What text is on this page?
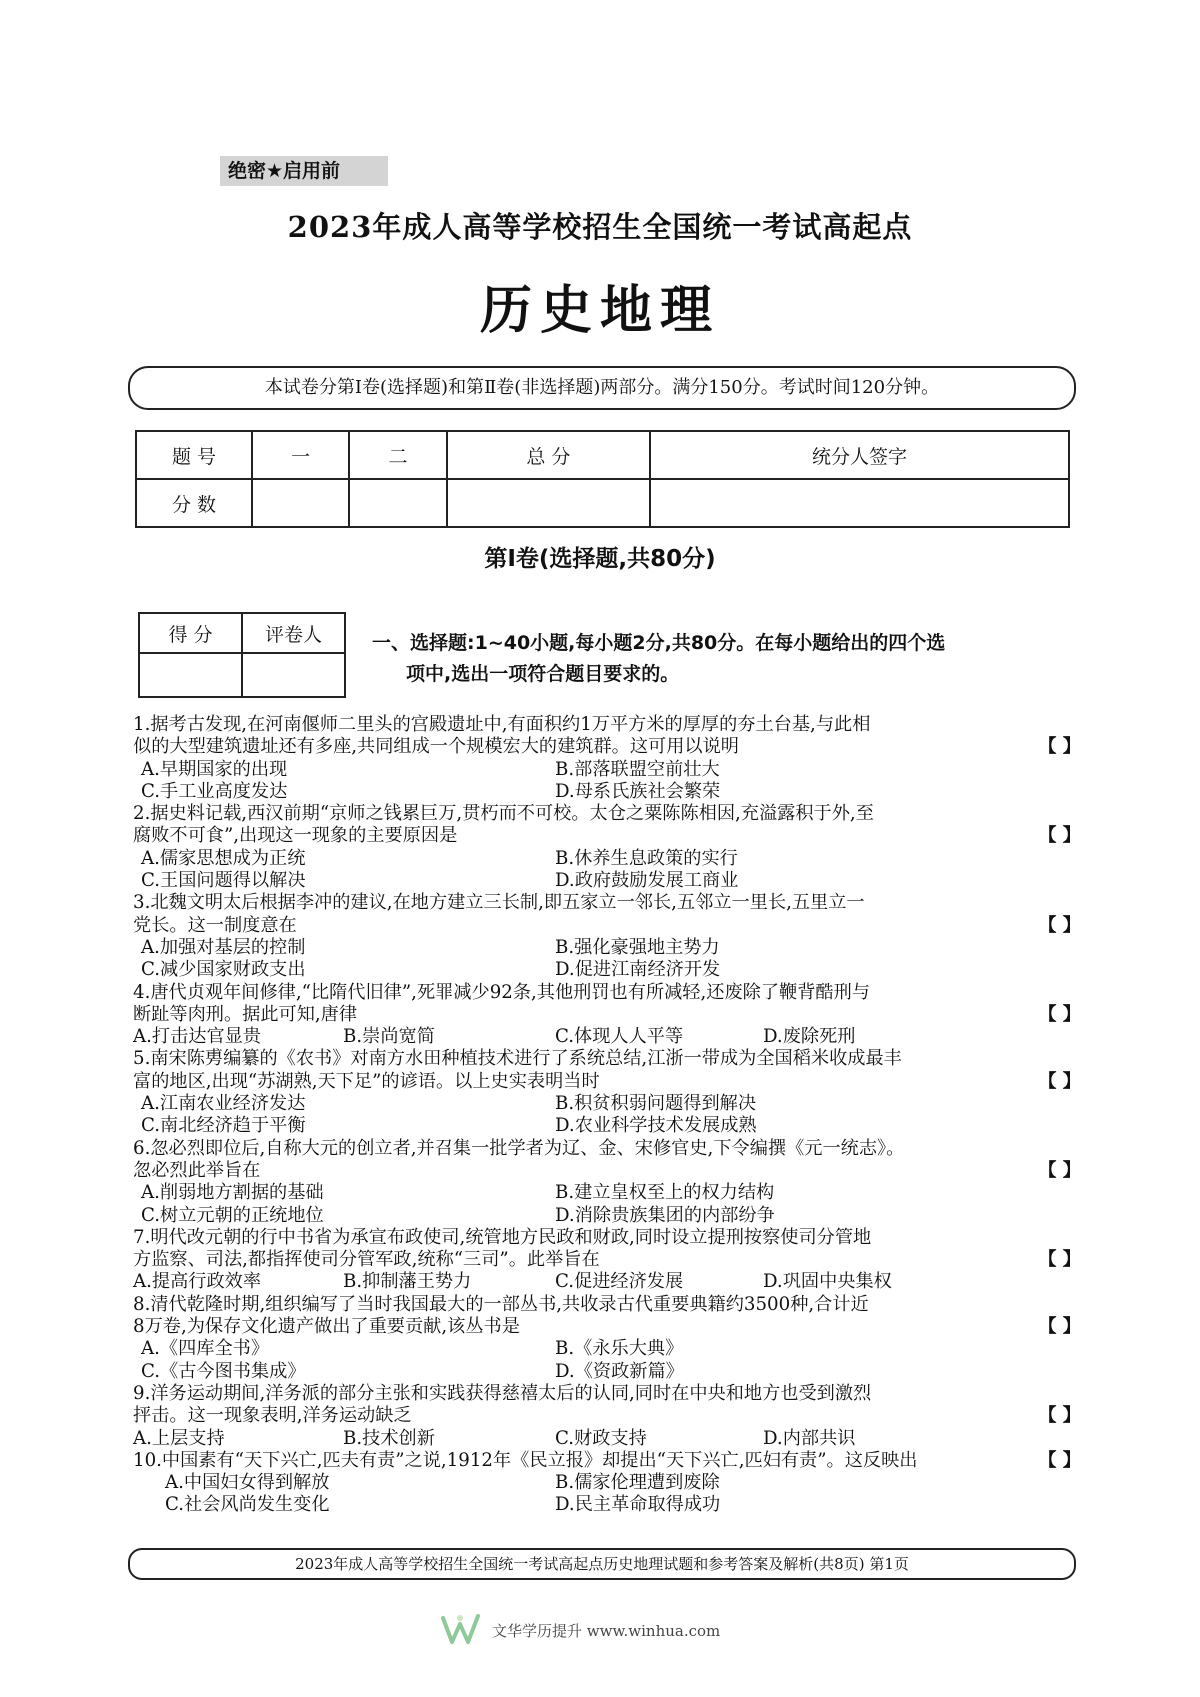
绝密★启用前
2023年成人高等学校招生全国统一考试高起点
历史地理
本试卷分第Ⅰ卷(选择题)和第Ⅱ卷(非选择题)两部分。满分150分。考试时间120分钟。
题 号	一	二	总 分	统分人签字
分 数				
第Ⅰ卷(选择题,共80分)
得 分	评卷人
		一、选择题:1~40小题,每小题2分,共80分。在每小题给出的四个选
项中,选出一项符合题目要求的。
1.据考古发现,在河南偃师二里头的宫殿遗址中,有面积约1万平方米的厚厚的夯土台基,与此相
似的大型建筑遗址还有多座,共同组成一个规模宏大的建筑群。这可用以说明	【 】
A.早期国家的出现	B.部落联盟空前壮大
C.手工业高度发达	D.母系氏族社会繁荣
2.据史料记载,西汉前期“京师之钱累巨万,贯朽而不可校。太仓之粟陈陈相因,充溢露积于外,至
腐败不可食”,出现这一现象的主要原因是	【 】
A.儒家思想成为正统	B.休养生息政策的实行
C.王国问题得以解决	D.政府鼓励发展工商业
3.北魏文明太后根据李冲的建议,在地方建立三长制,即五家立一邻长,五邻立一里长,五里立一
党长。这一制度意在	【 】
A.加强对基层的控制	B.强化豪强地主势力
C.减少国家财政支出	D.促进江南经济开发
4.唐代贞观年间修律,“比隋代旧律”,死罪减少92条,其他刑罚也有所减轻,还废除了鞭背酷刑与
断趾等肉刑。据此可知,唐律	【 】
A.打击达官显贵	B.崇尚宽简	C.体现人人平等	D.废除死刑
5.南宋陈旉编纂的《农书》对南方水田种植技术进行了系统总结,江浙一带成为全国稻米收成最丰
富的地区,出现“苏湖熟,天下足”的谚语。以上史实表明当时	【 】
A.江南农业经济发达	B.积贫积弱问题得到解决
C.南北经济趋于平衡	D.农业科学技术发展成熟
6.忽必烈即位后,自称大元的创立者,并召集一批学者为辽、金、宋修官史,下令编撰《元一统志》。
忽必烈此举旨在	【 】
A.削弱地方割据的基础	B.建立皇权至上的权力结构
C.树立元朝的正统地位	D.消除贵族集团的内部纷争
7.明代改元朝的行中书省为承宣布政使司,统管地方民政和财政,同时设立提刑按察使司分管地
方监察、司法,都指挥使司分管军政,统称“三司”。此举旨在	【 】
A.提高行政效率	B.抑制藩王势力	C.促进经济发展	D.巩固中央集权
8.清代乾隆时期,组织编写了当时我国最大的一部丛书,共收录古代重要典籍约3500种,合计近
8万卷,为保存文化遗产做出了重要贡献,该丛书是	【 】
A.《四库全书》	B.《永乐大典》
C.《古今图书集成》	D.《资政新篇》
9.洋务运动期间,洋务派的部分主张和实践获得慈禧太后的认同,同时在中央和地方也受到激烈
抨击。这一现象表明,洋务运动缺乏	【 】
A.上层支持	B.技术创新	C.财政支持	D.内部共识
10.中国素有“天下兴亡,匹夫有责”之说,1912年《民立报》却提出“天下兴亡,匹妇有责”。这反映出	【 】
A.中国妇女得到解放	B.儒家伦理遭到废除
C.社会风尚发生变化	D.民主革命取得成功
2023年成人高等学校招生全国统一考试高起点历史地理试题和参考答案及解析(共8页) 第1页
文华学历提升 www.winhua.com
